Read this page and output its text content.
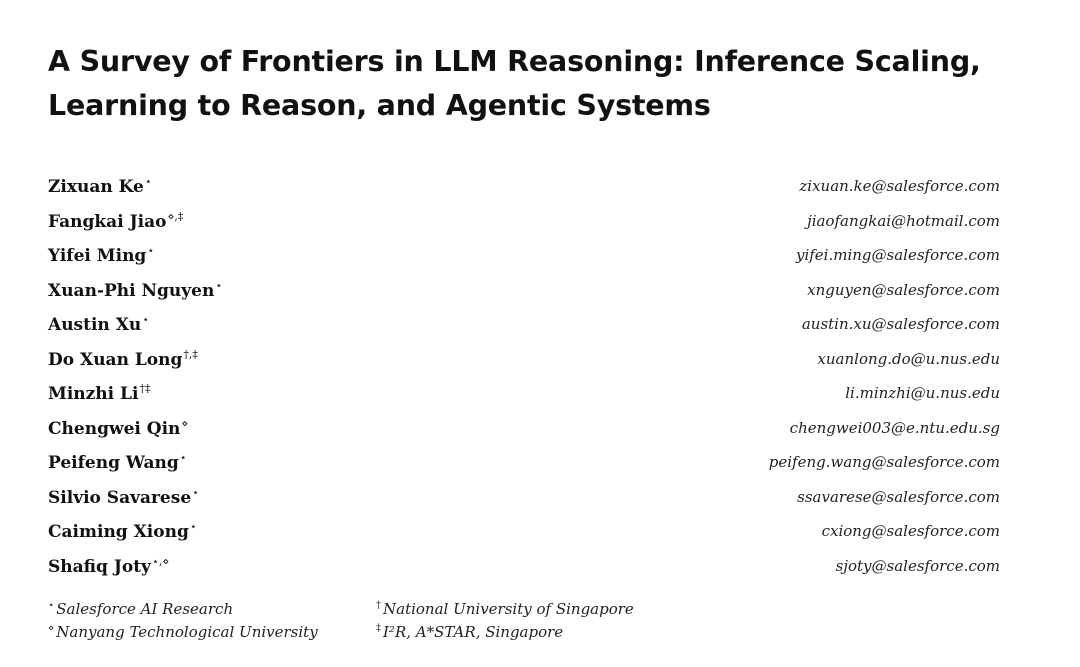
A Survey of Frontiers in LLM Reasoning: Inference Scaling,
Learning to Reason, and Agentic Systems
Zixuan Ke⋆	zixuan.ke@salesforce.com
Fangkai Jiao⋄,‡	jiaofangkai@hotmail.com
Yifei Ming⋆	yifei.ming@salesforce.com
Xuan-Phi Nguyen⋆	xnguyen@salesforce.com
Austin Xu⋆	austin.xu@salesforce.com
Do Xuan Long†,‡	xuanlong.do@u.nus.edu
Minzhi Li†‡	li.minzhi@u.nus.edu
Chengwei Qin⋄	chengwei003@e.ntu.edu.sg
Peifeng Wang⋆	peifeng.wang@salesforce.com
Silvio Savarese⋆	ssavarese@salesforce.com
Caiming Xiong⋆	cxiong@salesforce.com
Shafiq Joty⋆,⋄	sjoty@salesforce.com
⋆ Salesforce AI Research
⋄ Nanyang Technological University
† National University of Singapore
‡ I²R, A*STAR, Singapore
